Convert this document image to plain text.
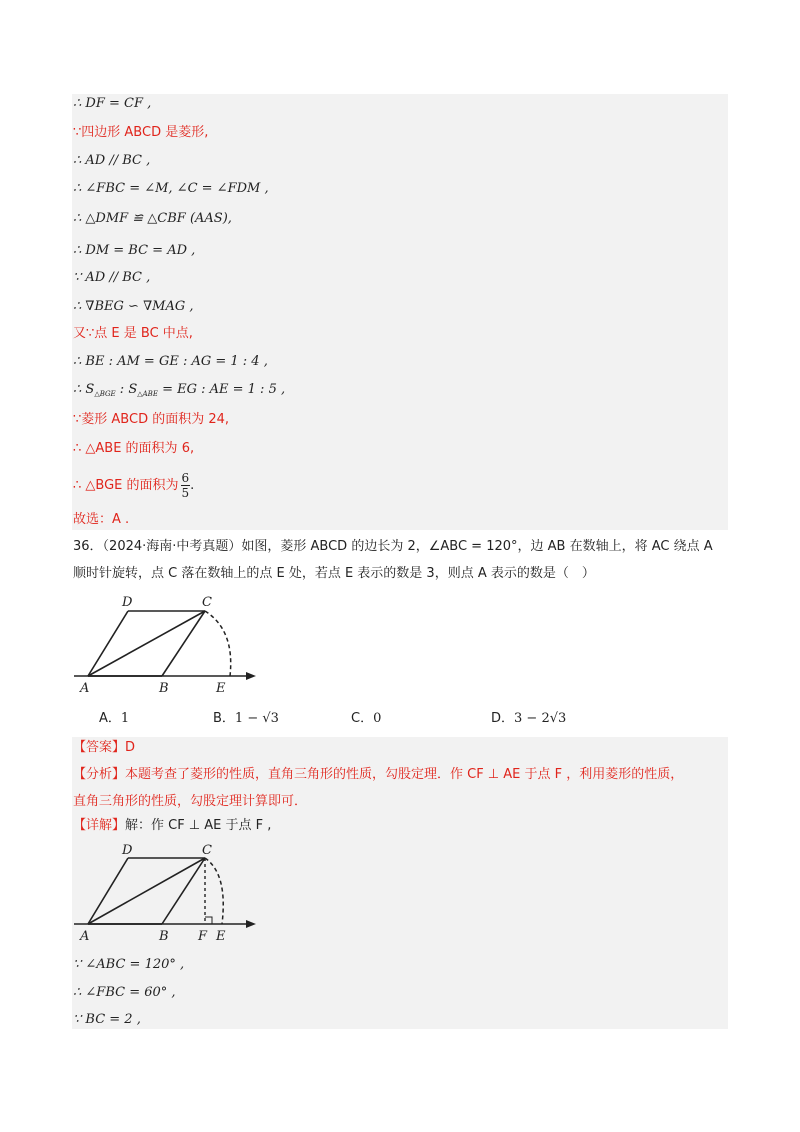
∴ DF = CF ,
∵四边形 ABCD 是菱形,
∴ AD // BC ,
∴ ∠FBC = ∠M, ∠C = ∠FDM ,
∴ △DMF ≌ △CBF (AAS),
∴ DM = BC = AD ,
∵ AD // BC ,
∴ ∇BEG ∽ ∇MAG ,
又∵点 E 是 BC 中点,
∴ BE : AM = GE : AG = 1 : 4 ,
∴ $S_{\triangle BGE}$ : $S_{\triangle ABE}$ = EG : AE = 1 : 5 ,
∵菱形 ABCD 的面积为 24,
∴ △ABE 的面积为 6,
∴ △BGE 的面积为 $\frac{6}{5}$ .
故选：A .
36．（2024·海南·中考真题）如图，菱形 ABCD 的边长为 2，∠ABC = 120°，边 AB 在数轴上，将 AC 绕点 A
顺时针旋转，点 C 落在数轴上的点 E 处，若点 E 表示的数是 3，则点 A 表示的数是（　）
D	C
A	B	E
A．1	B．1 − √3	C．0	D．3 − 2√3
【答案】D
【分析】本题考查了菱形的性质，直角三角形的性质，勾股定理．作 CF ⊥ AE 于点 F ，利用菱形的性质，
直角三角形的性质，勾股定理计算即可．
【详解】解：作 CF ⊥ AE 于点 F ,
D	C
A	B F E
∵ ∠ABC = 120° ,
∴ ∠FBC = 60° ,
∵ BC = 2 ,
